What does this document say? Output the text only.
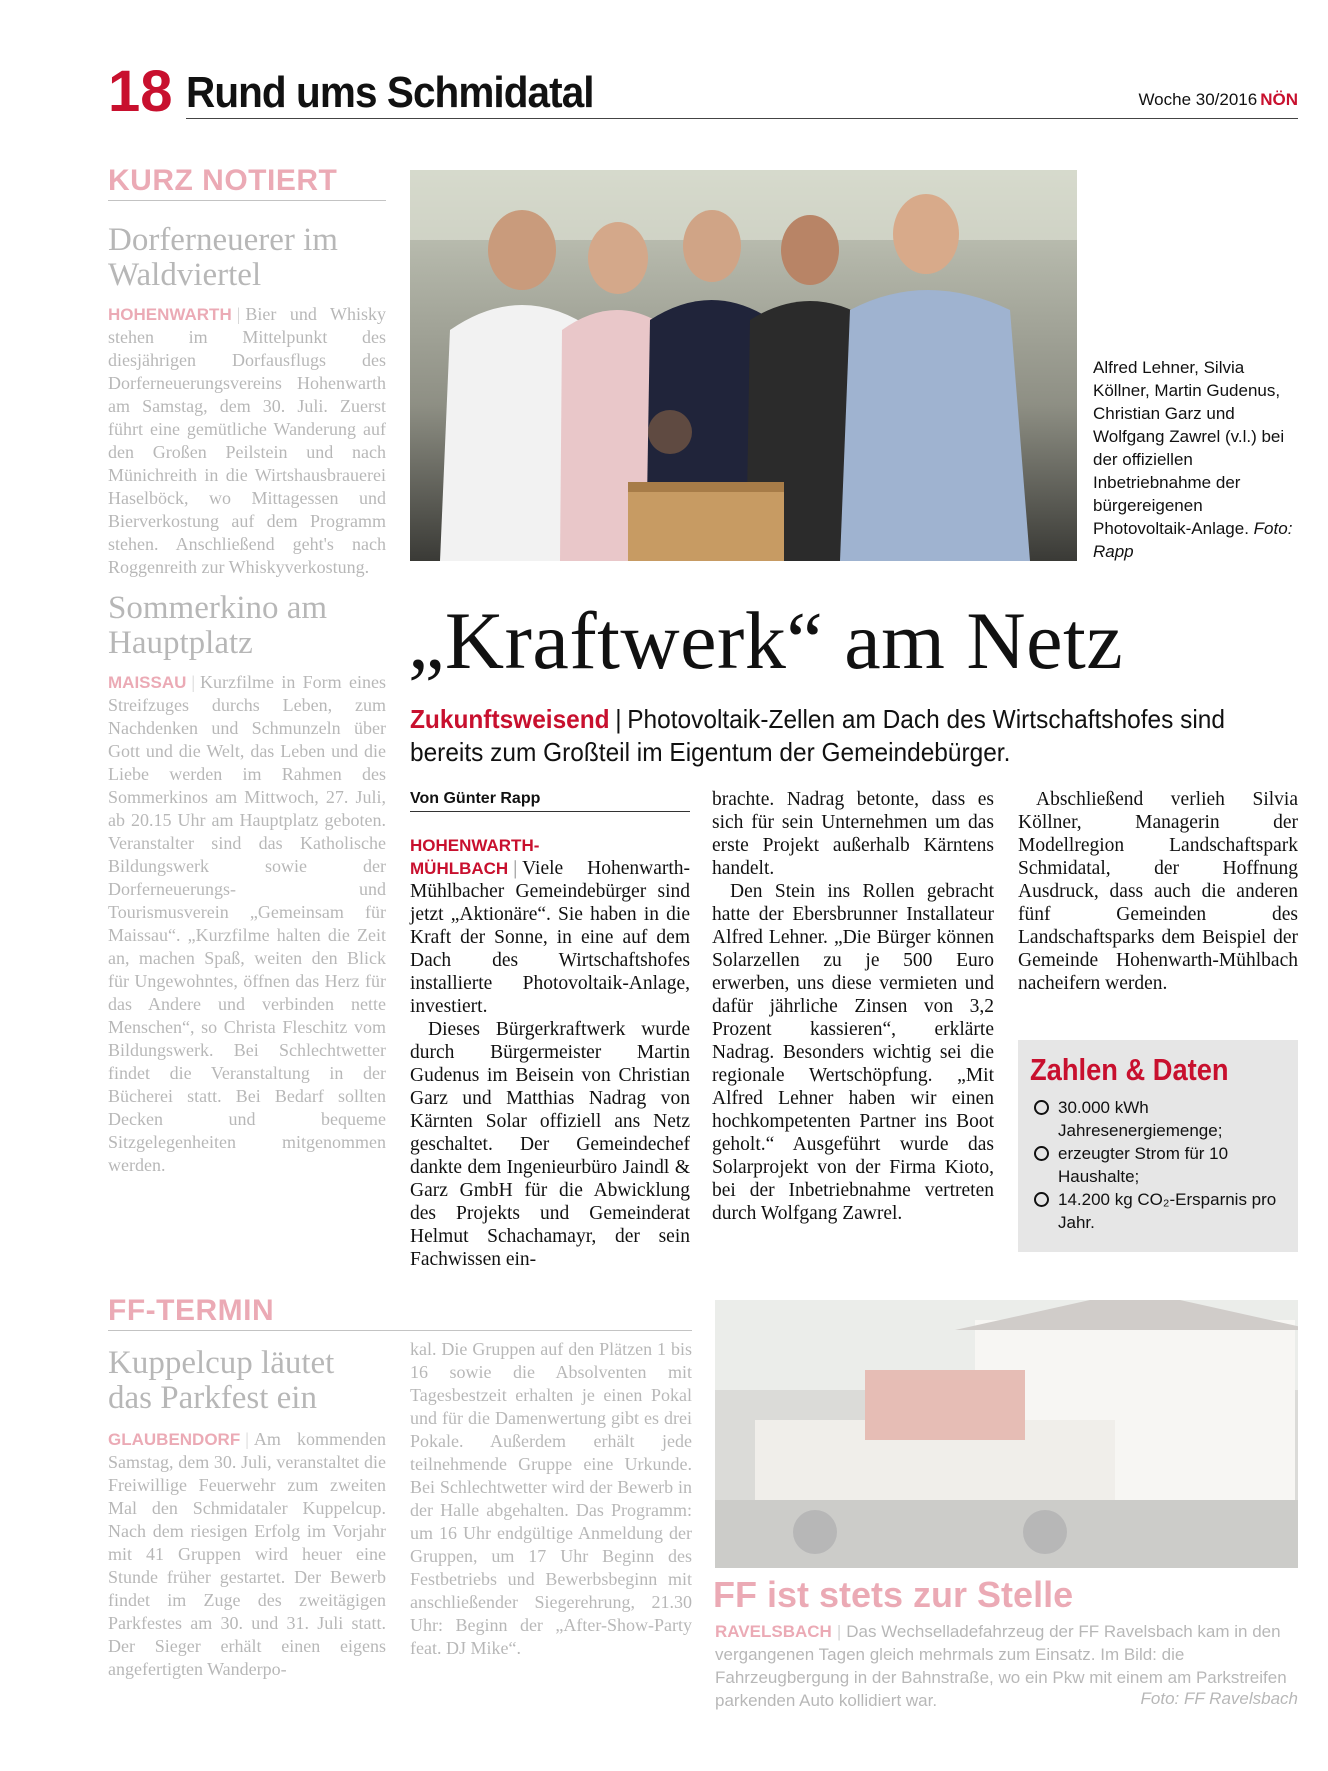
18 Rund ums Schmidatal	Woche 30/2016 NÖN
KURZ NOTIERT
Dorferneuerer im Waldviertel
HOHENWARTH | Bier und Whisky stehen im Mittelpunkt des diesjährigen Dorfausflugs des Dorferneuerungsvereins Hohenwarth am Samstag, dem 30. Juli. Zuerst führt eine gemütliche Wanderung auf den Großen Peilstein und nach Münichreith in die Wirtshausbrauerei Haselböck, wo Mittagessen und Bierverkostung auf dem Programm stehen. Anschließend geht's nach Roggenreith zur Whiskyverkostung.
Sommerkino am Hauptplatz
MAISSAU | Kurzfilme in Form eines Streifzuges durchs Leben, zum Nachdenken und Schmunzeln über Gott und die Welt, das Leben und die Liebe werden im Rahmen des Sommerkinos am Mittwoch, 27. Juli, ab 20.15 Uhr am Hauptplatz geboten. Veranstalter sind das Katholische Bildungswerk sowie der Dorferneuerungs- und Tourismusverein „Gemeinsam für Maissau“. „Kurzfilme halten die Zeit an, machen Spaß, weiten den Blick für Ungewohntes, öffnen das Herz für das Andere und verbinden nette Menschen“, so Christa Fleschitz vom Bildungswerk. Bei Schlechtwetter findet die Veranstaltung in der Bücherei statt. Bei Bedarf sollten Decken und bequeme Sitzgelegenheiten mitgenommen werden.
Alfred Lehner, Silvia Köllner, Martin Gudenus, Christian Garz und Wolfgang Zawrel (v.l.) bei der offiziellen Inbetriebnahme der bürgereigenen Photovoltaik-Anlage. Foto: Rapp
„Kraftwerk“ am Netz
Zukunftsweisend | Photovoltaik-Zellen am Dach des Wirtschaftshofes sind bereits zum Großteil im Eigentum der Gemeindebürger.
Von Günter Rapp

HOHENWARTH-MÜHLBACH | Viele Hohenwarth-Mühlbacher Gemeindebürger sind jetzt „Aktionäre“. Sie haben in die Kraft der Sonne, in eine auf dem Dach des Wirtschaftshofes installierte Photovoltaik-Anlage, investiert.

Dieses Bürgerkraftwerk wurde durch Bürgermeister Martin Gudenus im Beisein von Christian Garz und Matthias Nadrag von Kärnten Solar offiziell ans Netz geschaltet. Der Gemeindechef dankte dem Ingenieurbüro Jaindl & Garz GmbH für die Abwicklung des Projekts und Gemeinderat Helmut Schachamayr, der sein Fachwissen ein-

brachte. Nadrag betonte, dass es sich für sein Unternehmen um das erste Projekt außerhalb Kärntens handelt.

Den Stein ins Rollen gebracht hatte der Ebersbrunner Installateur Alfred Lehner. „Die Bürger können Solarzellen zu je 500 Euro erwerben, uns diese vermieten und dafür jährliche Zinsen von 3,2 Prozent kassieren“, erklärte Nadrag. Besonders wichtig sei die regionale Wertschöpfung. „Mit Alfred Lehner haben wir einen hochkompetenten Partner ins Boot geholt.“ Ausgeführt wurde das Solarprojekt von der Firma Kioto, bei der Inbetriebnahme vertreten durch Wolfgang Zawrel.

Abschließend verlieh Silvia Köllner, Managerin der Modellregion Landschaftspark Schmidatal, der Hoffnung Ausdruck, dass auch die anderen fünf Gemeinden des Landschaftsparks dem Beispiel der Gemeinde Hohenwarth-Mühlbach nacheifern werden.

Zahlen & Daten
30.000 kWh Jahresenergiemenge;
erzeugter Strom für 10 Haushalte;
14.200 kg CO₂-Ersparnis pro Jahr.
FF-TERMIN
Kuppelcup läutet das Parkfest ein
GLAUBENDORF | Am kommenden Samstag, dem 30. Juli, veranstaltet die Freiwillige Feuerwehr zum zweiten Mal den Schmidataler Kuppelcup. Nach dem riesigen Erfolg im Vorjahr mit 41 Gruppen wird heuer eine Stunde früher gestartet. Der Bewerb findet im Zuge des zweitägigen Parkfestes am 30. und 31. Juli statt. Der Sieger erhält einen eigens angefertigten Wanderpo-
kal. Die Gruppen auf den Plätzen 1 bis 16 sowie die Absolventen mit Tagesbestzeit erhalten je einen Pokal und für die Damenwertung gibt es drei Pokale. Außerdem erhält jede teilnehmende Gruppe eine Urkunde. Bei Schlechtwetter wird der Bewerb in der Halle abgehalten. Das Programm: um 16 Uhr endgültige Anmeldung der Gruppen, um 17 Uhr Beginn des Festbetriebs und Bewerbsbeginn mit anschließender Siegerehrung, 21.30 Uhr: Beginn der „After-Show-Party feat. DJ Mike“.
FF ist stets zur Stelle
RAVELSBACH | Das Wechselladefahrzeug der FF Ravelsbach kam in den vergangenen Tagen gleich mehrmals zum Einsatz. Im Bild: die Fahrzeugbergung in der Bahnstraße, wo ein Pkw mit einem am Parkstreifen parkenden Auto kollidiert war.	Foto: FF Ravelsbach
